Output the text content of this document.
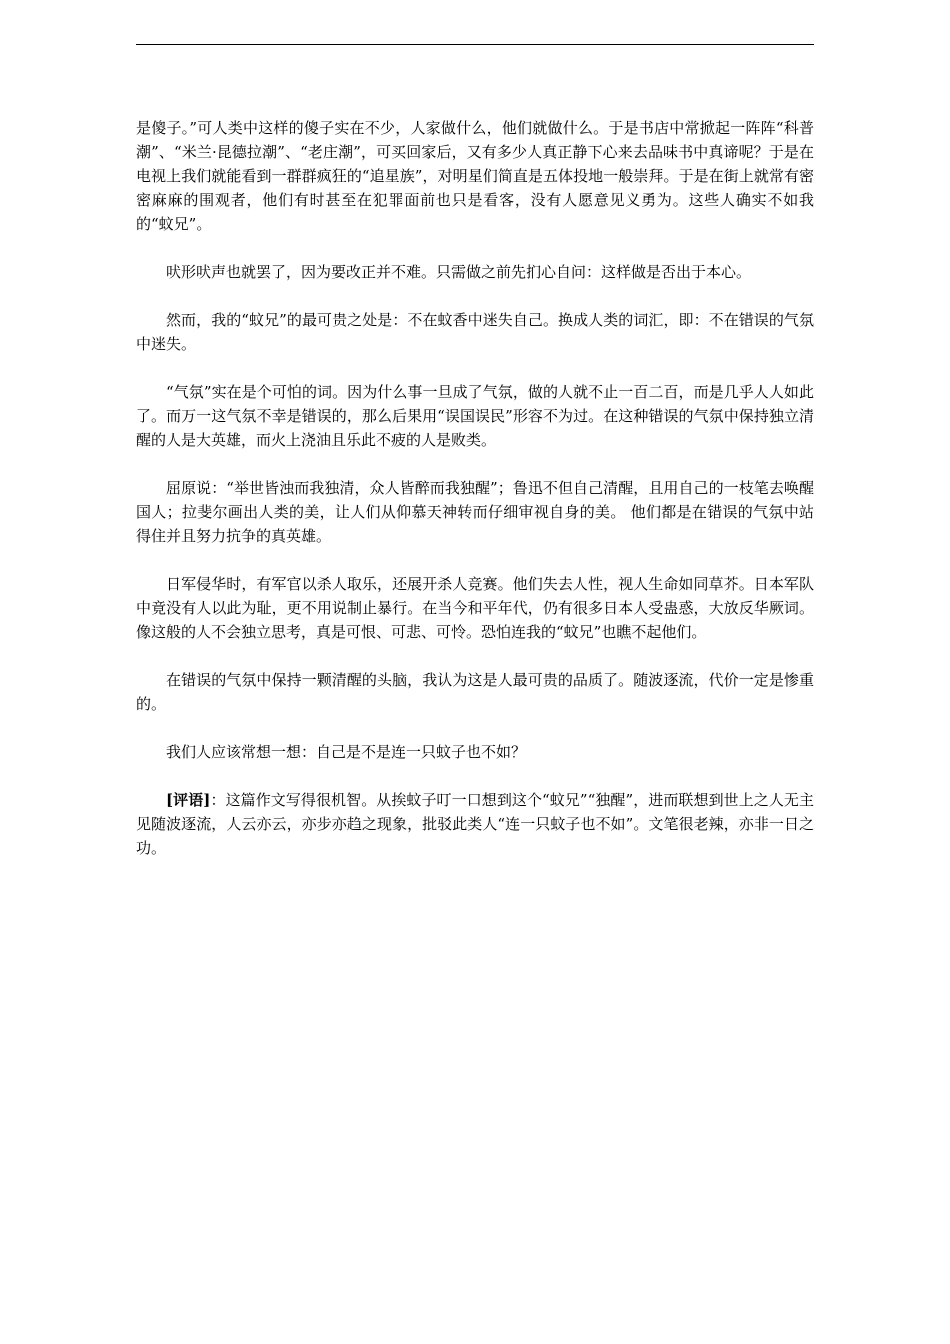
是傻子。”可人类中这样的傻子实在不少，人家做什么，他们就做什么。于是书店中常掀起一阵阵“科普潮”、“米兰·昆德拉潮”、“老庄潮”，可买回家后，又有多少人真正静下心来去品味书中真谛呢？于是在电视上我们就能看到一群群疯狂的“追星族”，对明星们简直是五体投地一般崇拜。于是在街上就常有密密麻麻的围观者，他们有时甚至在犯罪面前也只是看客，没有人愿意见义勇为。这些人确实不如我的“蚊兄”。

吠形吠声也就罢了，因为要改正并不难。只需做之前先扪心自问：这样做是否出于本心。

然而，我的“蚊兄”的最可贵之处是：不在蚊香中迷失自己。换成人类的词汇，即：不在错误的气氛中迷失。

“气氛”实在是个可怕的词。因为什么事一旦成了气氛，做的人就不止一百二百，而是几乎人人如此了。而万一这气氛不幸是错误的，那么后果用“误国误民”形容不为过。在这种错误的气氛中保持独立清醒的人是大英雄，而火上浇油且乐此不疲的人是败类。

屈原说：“举世皆浊而我独清，众人皆醉而我独醒”；鲁迅不但自己清醒，且用自己的一枝笔去唤醒国人；拉斐尔画出人类的美，让人们从仰慕天神转而仔细审视自身的美。 他们都是在错误的气氛中站得住并且努力抗争的真英雄。

日军侵华时，有军官以杀人取乐，还展开杀人竞赛。他们失去人性，视人生命如同草芥。日本军队中竟没有人以此为耻，更不用说制止暴行。在当今和平年代，仍有很多日本人受蛊惑，大放反华厥词。像这般的人不会独立思考，真是可恨、可悲、可怜。恐怕连我的“蚊兄”也瞧不起他们。

在错误的气氛中保持一颗清醒的头脑，我认为这是人最可贵的品质了。随波逐流，代价一定是惨重的。

我们人应该常想一想：自己是不是连一只蚊子也不如？

[评语]：这篇作文写得很机智。从挨蚊子叮一口想到这个“蚊兄”“独醒”，进而联想到世上之人无主见随波逐流，人云亦云，亦步亦趋之现象，批驳此类人“连一只蚊子也不如”。文笔很老辣，亦非一日之功。
